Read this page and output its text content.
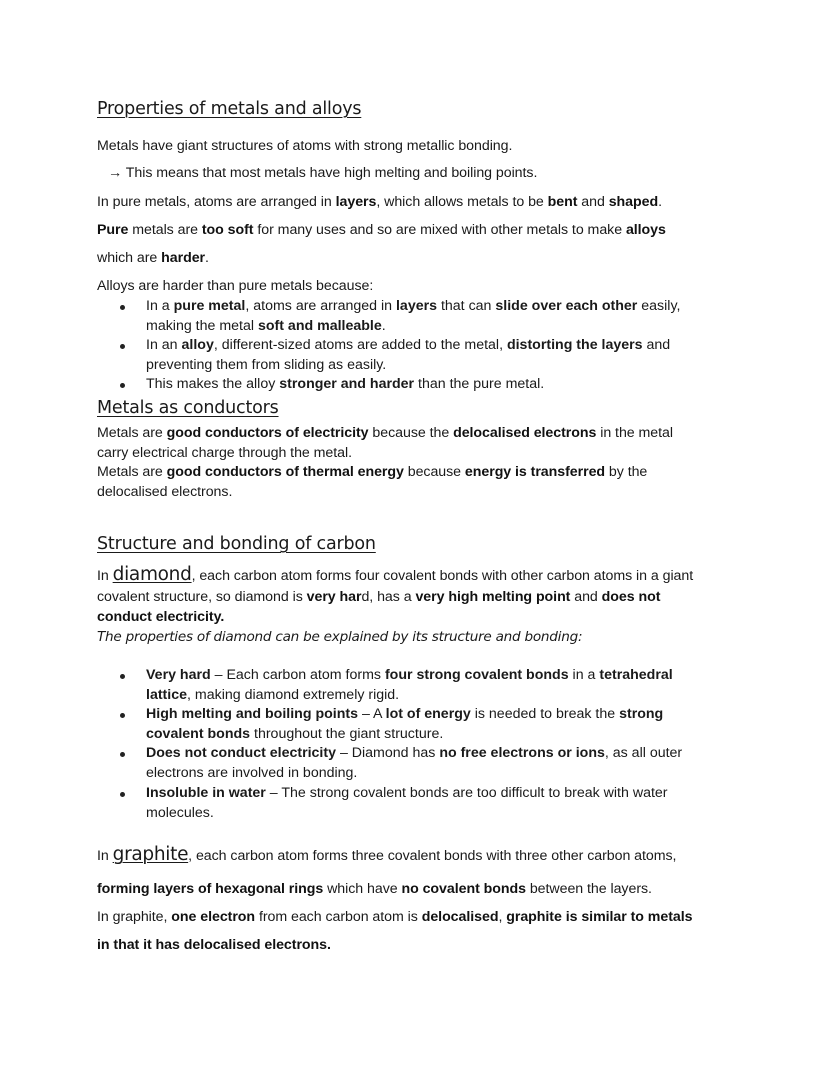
Properties of metals and alloys
Metals have giant structures of atoms with strong metallic bonding.
→ This means that most metals have high melting and boiling points.
In pure metals, atoms are arranged in layers, which allows metals to be bent and shaped.
Pure metals are too soft for many uses and so are mixed with other metals to make alloys
which are harder.
Alloys are harder than pure metals because:
In a pure metal, atoms are arranged in layers that can slide over each other easily,
making the metal soft and malleable.
In an alloy, different-sized atoms are added to the metal, distorting the layers and
preventing them from sliding as easily.
This makes the alloy stronger and harder than the pure metal.
Metals as conductors
Metals are good conductors of electricity because the delocalised electrons in the metal
carry electrical charge through the metal.
Metals are good conductors of thermal energy because energy is transferred by the
delocalised electrons.
Structure and bonding of carbon
In diamond, each carbon atom forms four covalent bonds with other carbon atoms in a giant
covalent structure, so diamond is very hard, has a very high melting point and does not
conduct electricity.
The properties of diamond can be explained by its structure and bonding:
Very hard – Each carbon atom forms four strong covalent bonds in a tetrahedral
lattice, making diamond extremely rigid.
High melting and boiling points – A lot of energy is needed to break the strong
covalent bonds throughout the giant structure.
Does not conduct electricity – Diamond has no free electrons or ions, as all outer
electrons are involved in bonding.
Insoluble in water – The strong covalent bonds are too difficult to break with water
molecules.
In graphite, each carbon atom forms three covalent bonds with three other carbon atoms,
forming layers of hexagonal rings which have no covalent bonds between the layers.
In graphite, one electron from each carbon atom is delocalised, graphite is similar to metals
in that it has delocalised electrons.
